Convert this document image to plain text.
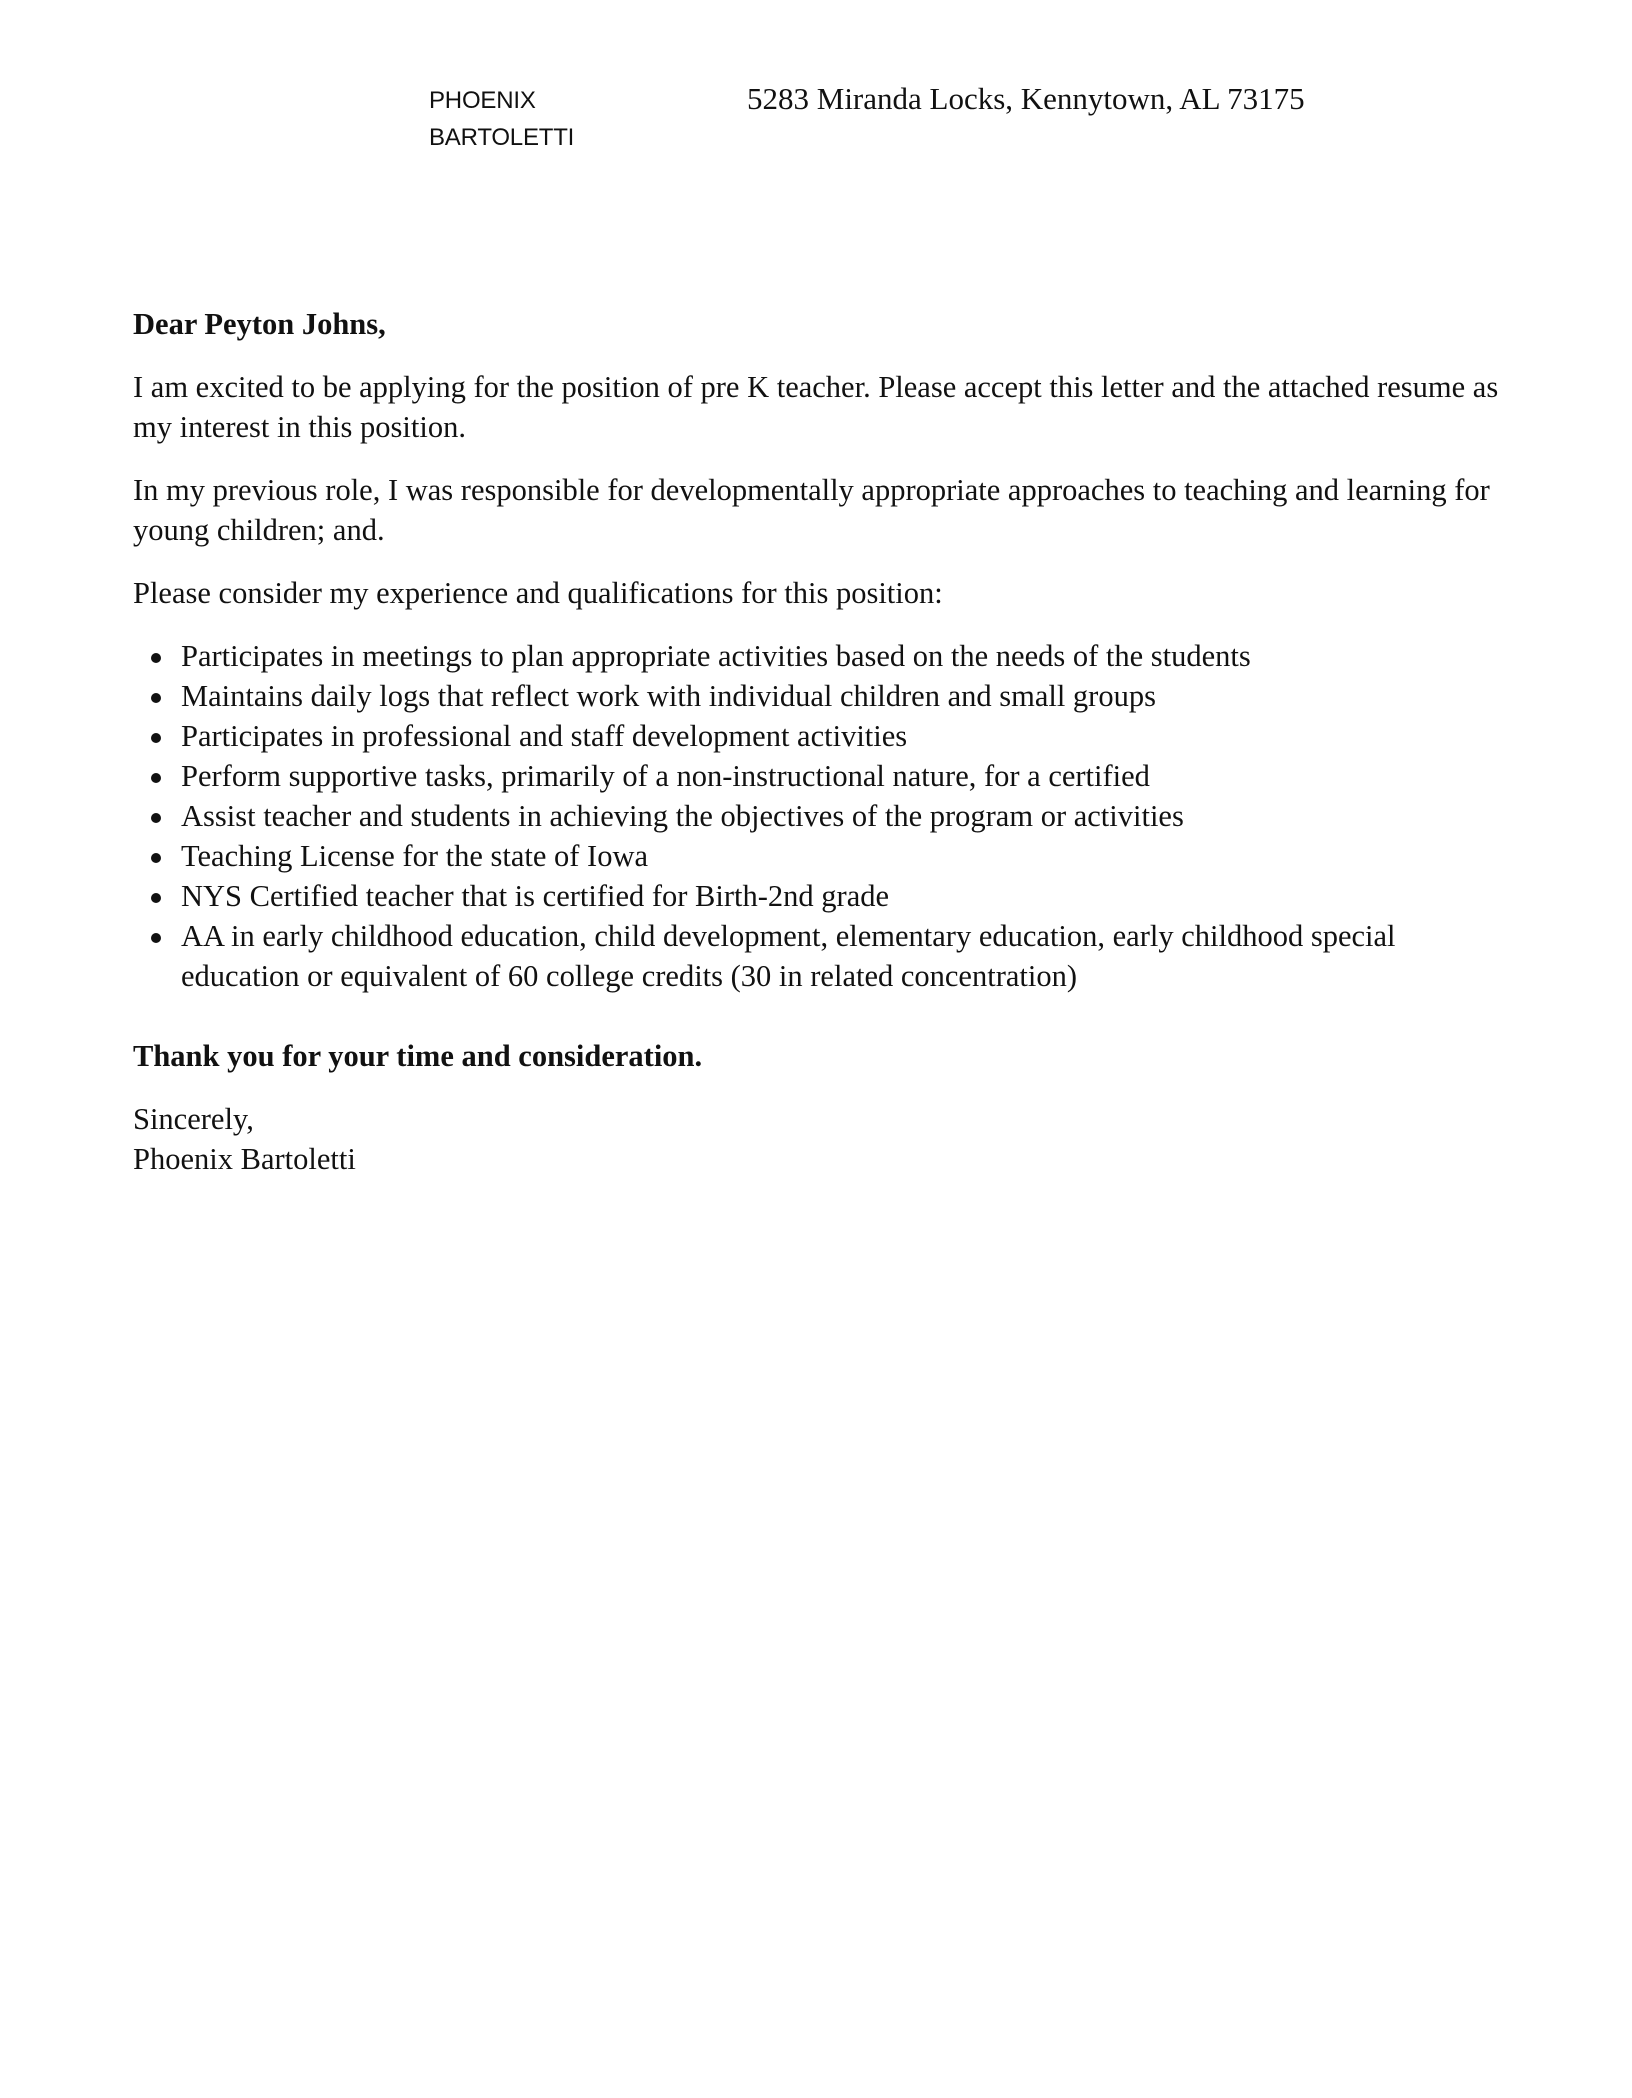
PHOENIX
BARTOLETTI
5283 Miranda Locks, Kennytown, AL 73175

Dear Peyton Johns,

I am excited to be applying for the position of pre K teacher. Please accept this letter and the attached resume as my interest in this position.

In my previous role, I was responsible for developmentally appropriate approaches to teaching and learning for young children; and.

Please consider my experience and qualifications for this position:

Participates in meetings to plan appropriate activities based on the needs of the students
Maintains daily logs that reflect work with individual children and small groups
Participates in professional and staff development activities
Perform supportive tasks, primarily of a non-instructional nature, for a certified
Assist teacher and students in achieving the objectives of the program or activities
Teaching License for the state of Iowa
NYS Certified teacher that is certified for Birth-2nd grade
AA in early childhood education, child development, elementary education, early childhood special education or equivalent of 60 college credits (30 in related concentration)

Thank you for your time and consideration.

Sincerely,
Phoenix Bartoletti
